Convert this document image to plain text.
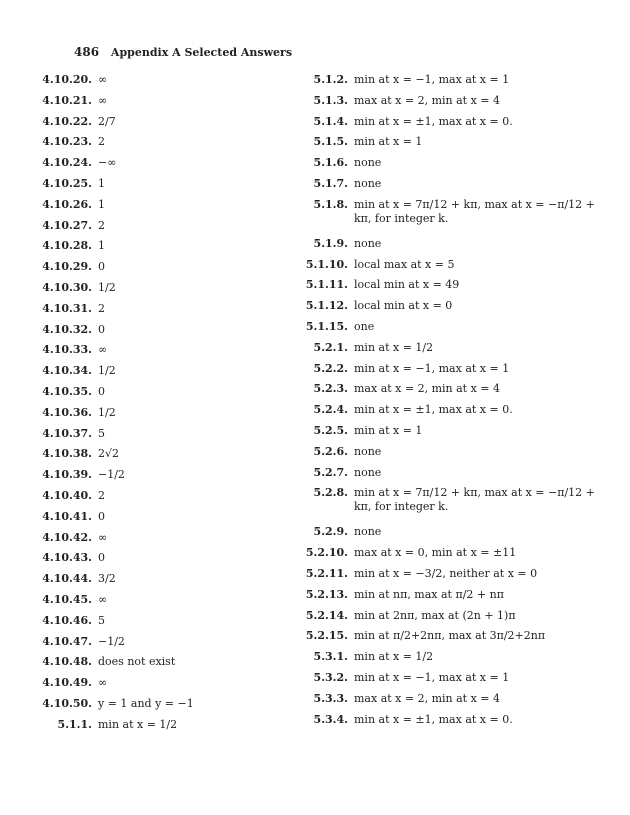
486 Appendix A Selected Answers
4.10.20. ∞
4.10.21. ∞
4.10.22. 2/7
4.10.23. 2
4.10.24. −∞
4.10.25. 1
4.10.26. 1
4.10.27. 2
4.10.28. 1
4.10.29. 0
4.10.30. 1/2
4.10.31. 2
4.10.32. 0
4.10.33. ∞
4.10.34. 1/2
4.10.35. 0
4.10.36. 1/2
4.10.37. 5
4.10.38. 2√2
4.10.39. −1/2
4.10.40. 2
4.10.41. 0
4.10.42. ∞
4.10.43. 0
4.10.44. 3/2
4.10.45. ∞
4.10.46. 5
4.10.47. −1/2
4.10.48. does not exist
4.10.49. ∞
4.10.50. y = 1 and y = −1
5.1.1. min at x = 1/2
5.1.2. min at x = −1, max at x = 1
5.1.3. max at x = 2, min at x = 4
5.1.4. min at x = ±1, max at x = 0.
5.1.5. min at x = 1
5.1.6. none
5.1.7. none
5.1.8. min at x = 7π/12 + kπ, max at x = −π/12 + kπ, for integer k.
5.1.9. none
5.1.10. local max at x = 5
5.1.11. local min at x = 49
5.1.12. local min at x = 0
5.1.15. one
5.2.1. min at x = 1/2
5.2.2. min at x = −1, max at x = 1
5.2.3. max at x = 2, min at x = 4
5.2.4. min at x = ±1, max at x = 0.
5.2.5. min at x = 1
5.2.6. none
5.2.7. none
5.2.8. min at x = 7π/12 + kπ, max at x = −π/12 + kπ, for integer k.
5.2.9. none
5.2.10. max at x = 0, min at x = ±11
5.2.11. min at x = −3/2, neither at x = 0
5.2.13. min at nπ, max at π/2 + nπ
5.2.14. min at 2nπ, max at (2n + 1)π
5.2.15. min at π/2+2nπ, max at 3π/2+2nπ
5.3.1. min at x = 1/2
5.3.2. min at x = −1, max at x = 1
5.3.3. max at x = 2, min at x = 4
5.3.4. min at x = ±1, max at x = 0.
